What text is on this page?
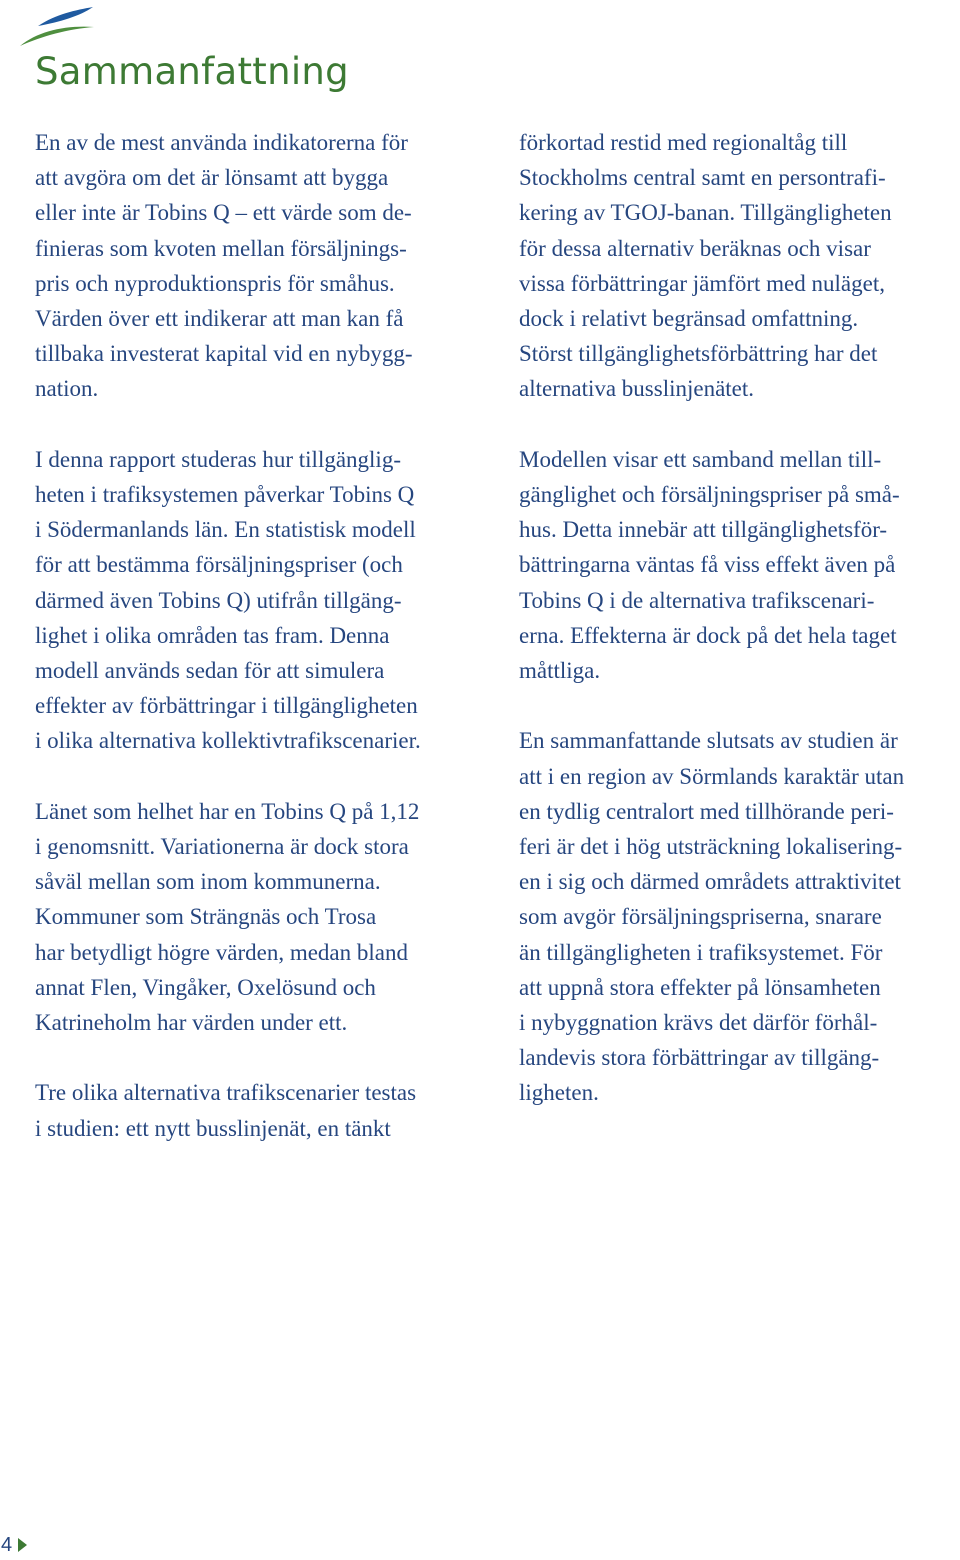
Sammanfattning

En av de mest använda indikatorerna för
att avgöra om det är lönsamt att bygga
eller inte är Tobins Q – ett värde som de-
finieras som kvoten mellan försäljnings-
pris och nyproduktionspris för småhus.
Värden över ett indikerar att man kan få
tillbaka investerat kapital vid en nybygg-
nation.

I denna rapport studeras hur tillgänglig-
heten i trafiksystemen påverkar Tobins Q
i Södermanlands län. En statistisk modell
för att bestämma försäljningspriser (och
därmed även Tobins Q) utifrån tillgäng-
lighet i olika områden tas fram. Denna
modell används sedan för att simulera
effekter av förbättringar i tillgängligheten
i olika alternativa kollektivtrafikscenarier.

Länet som helhet har en Tobins Q på 1,12
i genomsnitt. Variationerna är dock stora
såväl mellan som inom kommunerna.
Kommuner som Strängnäs och Trosa
har betydligt högre värden, medan bland
annat Flen, Vingåker, Oxelösund och
Katrineholm har värden under ett.

Tre olika alternativa trafikscenarier testas
i studien: ett nytt busslinjenät, en tänkt

förkortad restid med regionaltåg till
Stockholms central samt en persontrafi-
kering av TGOJ-banan. Tillgängligheten
för dessa alternativ beräknas och visar
vissa förbättringar jämfört med nuläget,
dock i relativt begränsad omfattning.
Störst tillgänglighetsförbättring har det
alternativa busslinjenätet.

Modellen visar ett samband mellan till-
gänglighet och försäljningspriser på små-
hus. Detta innebär att tillgänglighetsför-
bättringarna väntas få viss effekt även på
Tobins Q i de alternativa trafikscenari-
erna. Effekterna är dock på det hela taget
måttliga.

En sammanfattande slutsats av studien är
att i en region av Sörmlands karaktär utan
en tydlig centralort med tillhörande peri-
feri är det i hög utsträckning lokalisering-
en i sig och därmed områdets attraktivitet
som avgör försäljningspriserna, snarare
än tillgängligheten i trafiksystemet. För
att uppnå stora effekter på lönsamheten
i nybyggnation krävs det därför förhål-
landevis stora förbättringar av tillgäng-
ligheten.

4
